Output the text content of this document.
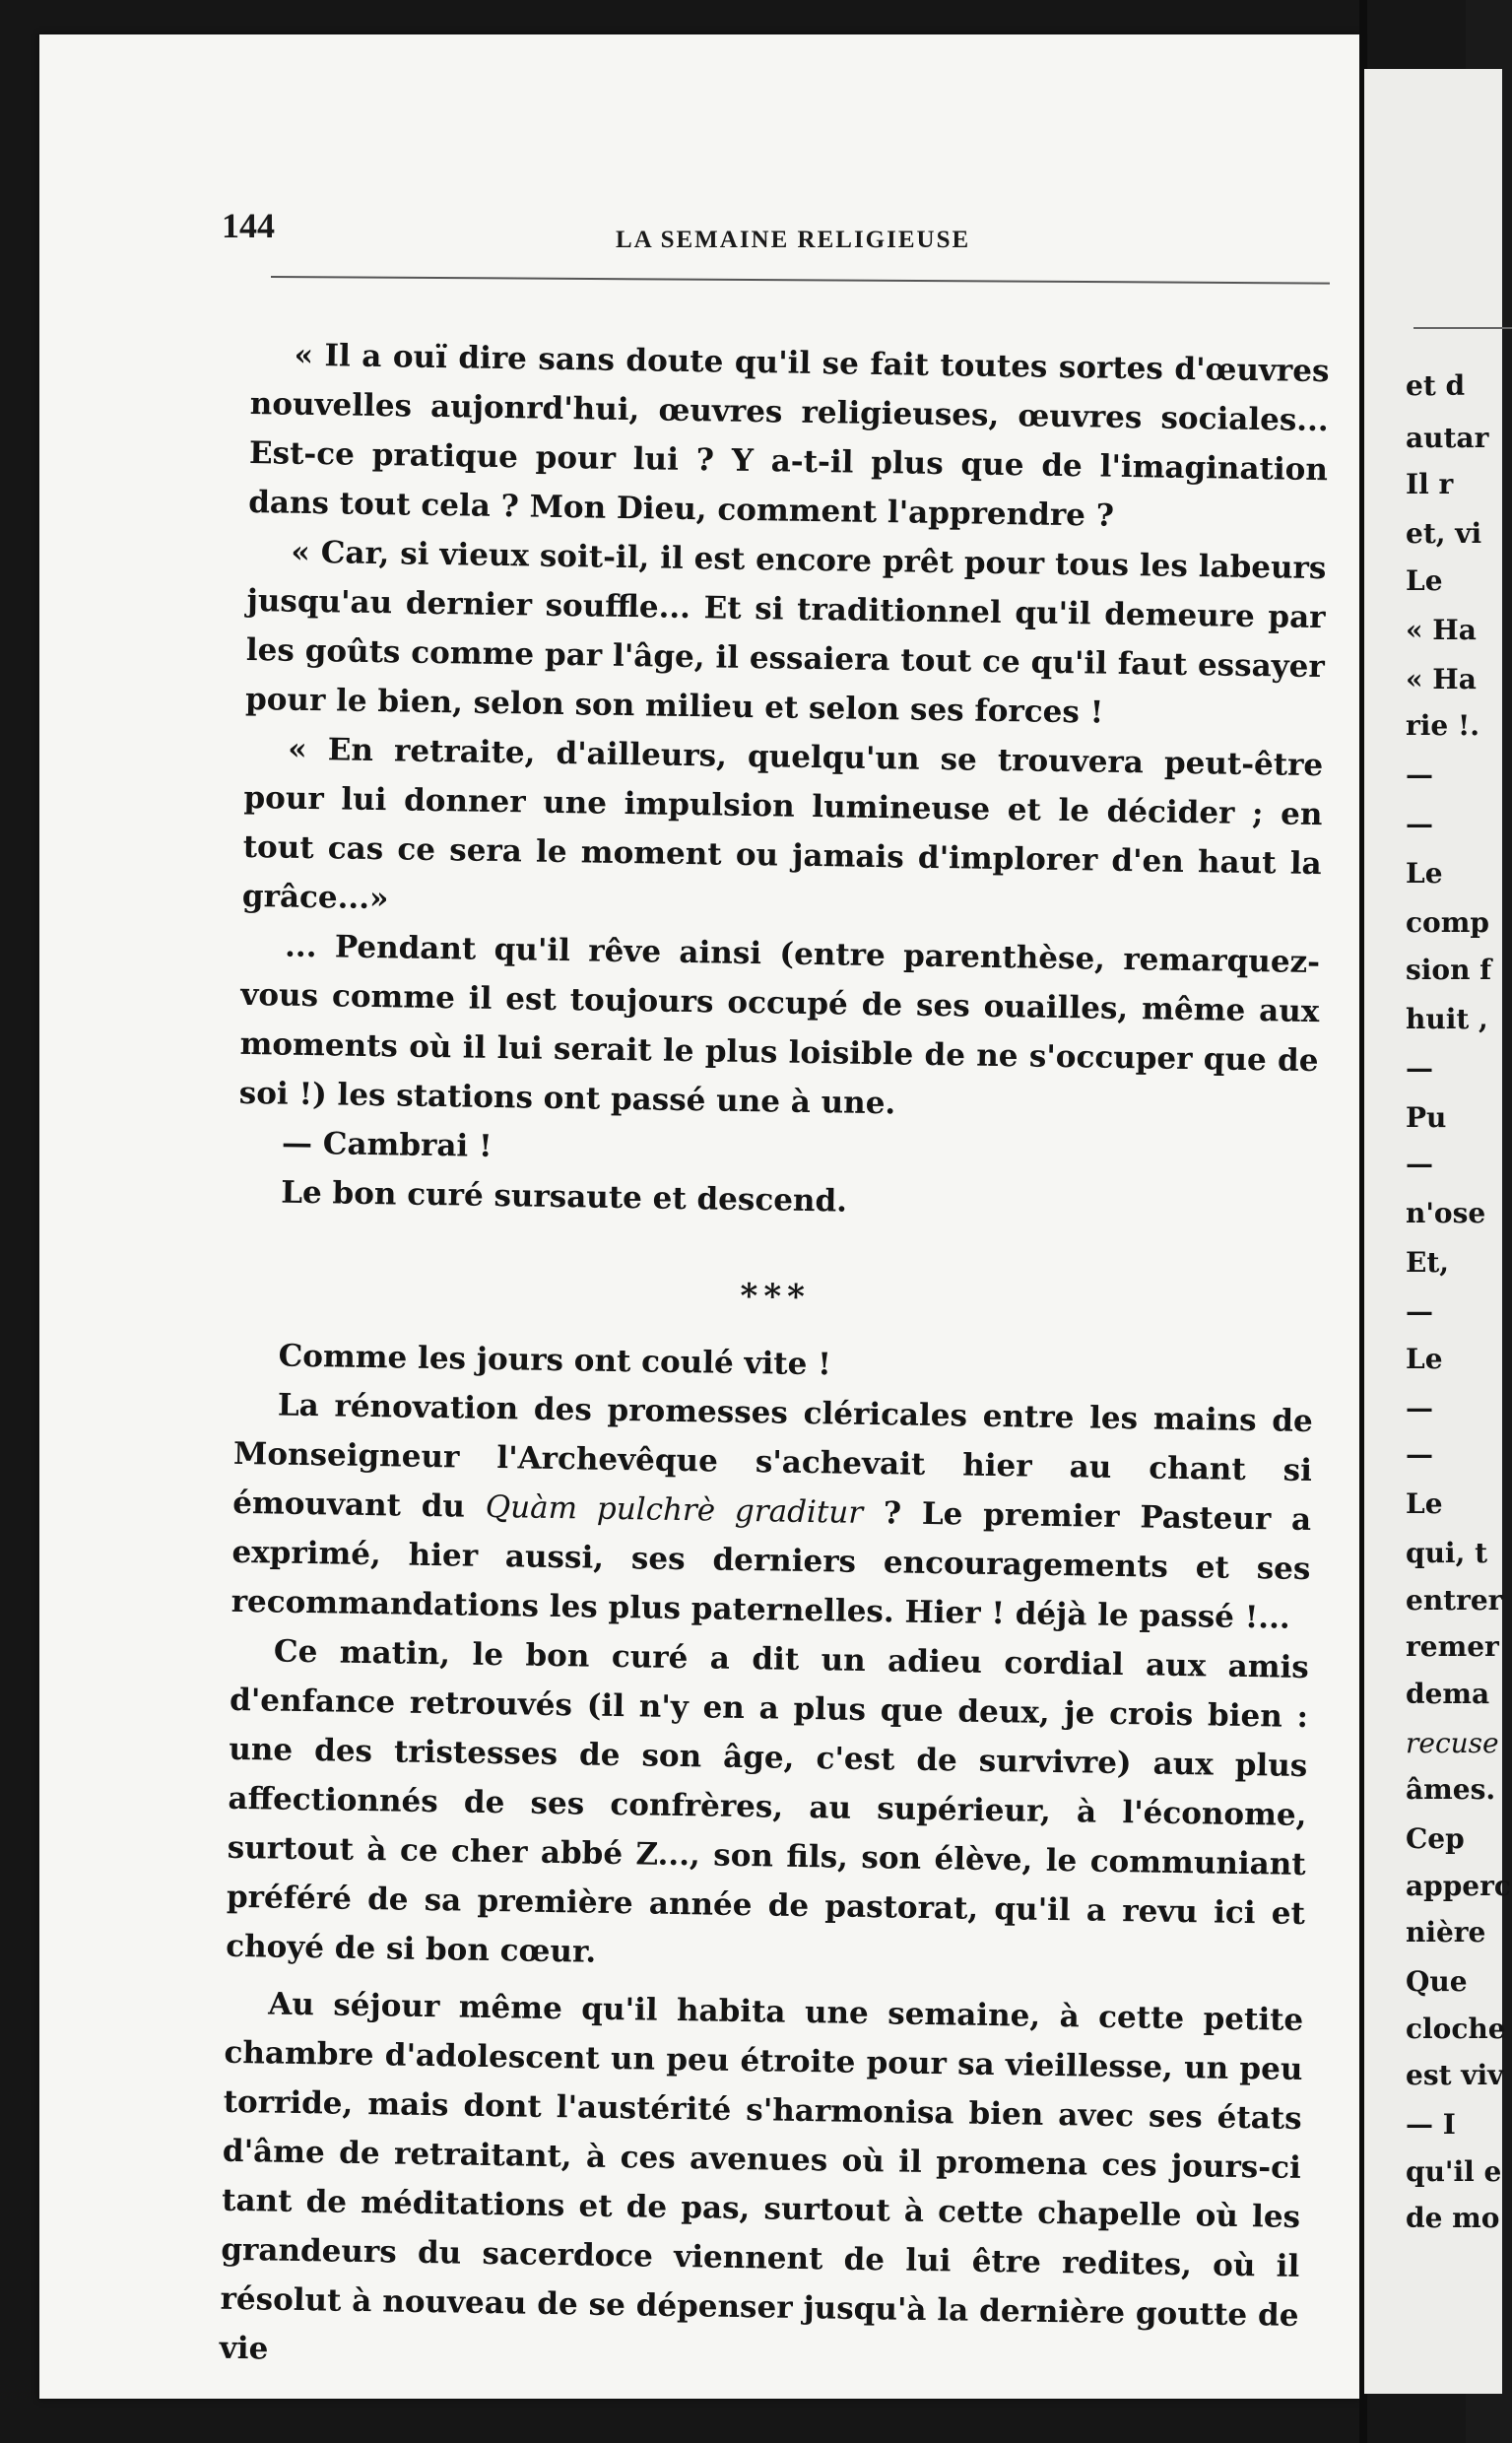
144	LA SEMAINE RELIGIEUSE

« Il a ouï dire sans doute qu'il se fait toutes sortes d'œuvres nouvelles aujonrd'hui, œuvres religieuses, œuvres sociales... Est-ce pratique pour lui ? Y a-t-il plus que de l'imagination dans tout cela ? Mon Dieu, comment l'apprendre ?

« Car, si vieux soit-il, il est encore prêt pour tous les labeurs jusqu'au dernier souffle... Et si traditionnel qu'il demeure par les goûts comme par l'âge, il essaiera tout ce qu'il faut essayer pour le bien, selon son milieu et selon ses forces !

« En retraite, d'ailleurs, quelqu'un se trouvera peut-être pour lui donner une impulsion lumineuse et le décider ; en tout cas ce sera le moment ou jamais d'implorer d'en haut la grâce...»

... Pendant qu'il rêve ainsi (entre parenthèse, remarquez-vous comme il est toujours occupé de ses ouailles, même aux moments où il lui serait le plus loisible de ne s'occuper que de soi !) les stations ont passé une à une.

— Cambrai !

Le bon curé sursaute et descend.

***

Comme les jours ont coulé vite !

La rénovation des promesses cléricales entre les mains de Monseigneur l'Archevêque s'achevait hier au chant si émouvant du Quàm pulchrè graditur ? Le premier Pasteur a exprimé, hier aussi, ses derniers encouragements et ses recommandations les plus paternelles. Hier ! déjà le passé !...

Ce matin, le bon curé a dit un adieu cordial aux amis d'enfance retrouvés (il n'y en a plus que deux, je crois bien : une des tristesses de son âge, c'est de survivre) aux plus affectionnés de ses confrères, au supérieur, à l'économe, surtout à ce cher abbé Z..., son fils, son élève, le communiant préféré de sa première année de pastorat, qu'il a revu ici et choyé de si bon cœur.

Au séjour même qu'il habita une semaine, à cette petite chambre d'adolescent un peu étroite pour sa vieillesse, un peu torride, mais dont l'austérité s'harmonisa bien avec ses états d'âme de retraitant, à ces avenues où il promena ces jours-ci tant de méditations et de pas, surtout à cette chapelle où les grandeurs du sacerdoce viennent de lui être redites, où il résolut à nouveau de se dépenser jusqu'à la dernière goutte de vie

et d
autar
Il r
et, vi
Le
« Ha
« Ha
rie !.
—
—
Le
comp
sion f
huit ,
—
Pu
—
n'ose
Et,
—
Le
—
—
Le
qui, t
entrer
remer
dema
recuse
âmes.
Cep
apperc
nière
Que
cloche
est viv
— I
qu'il e
de mo
